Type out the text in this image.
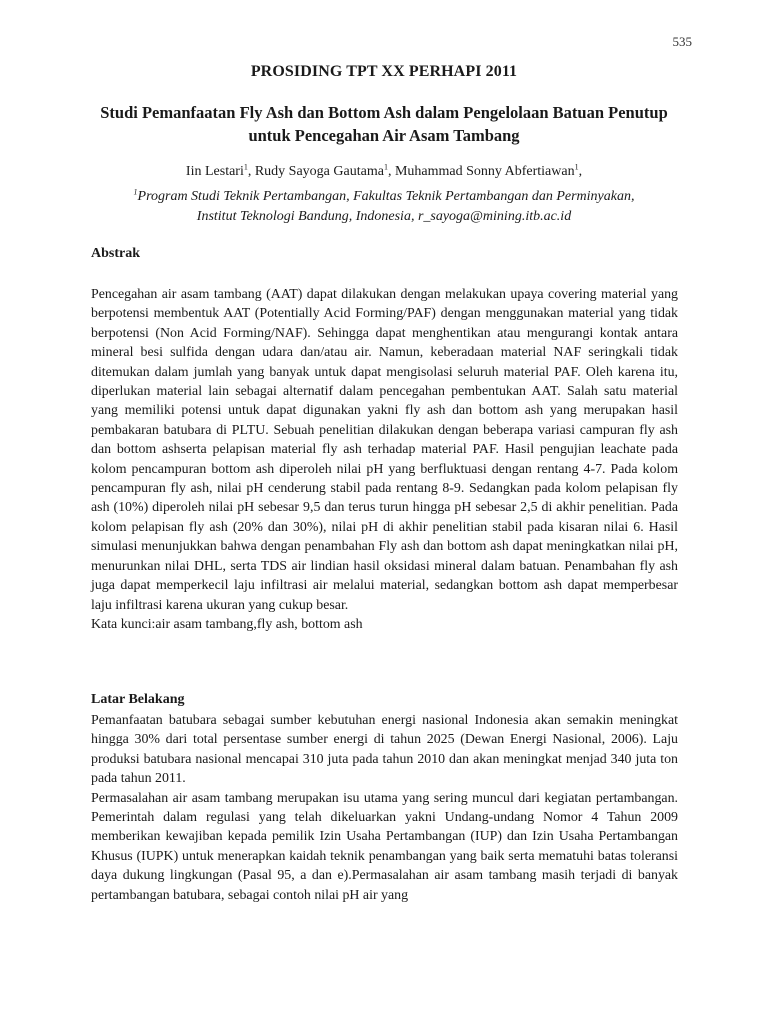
535
PROSIDING TPT XX PERHAPI 2011
Studi Pemanfaatan Fly Ash dan Bottom Ash dalam Pengelolaan Batuan Penutup untuk Pencegahan Air Asam Tambang
Iin Lestari$^1$, Rudy Sayoga Gautama$^1$, Muhammad Sonny Abfertiawan$^1$,
$^1$Program Studi Teknik Pertambangan, Fakultas Teknik Pertambangan dan Perminyakan,
Institut Teknologi Bandung, Indonesia, r_sayoga@mining.itb.ac.id
Abstrak

Pencegahan air asam tambang (AAT) dapat dilakukan dengan melakukan upaya covering material yang berpotensi membentuk AAT (Potentially Acid Forming/PAF) dengan menggunakan material yang tidak berpotensi (Non Acid Forming/NAF). Sehingga dapat menghentikan atau mengurangi kontak antara mineral besi sulfida dengan udara dan/atau air. Namun, keberadaan material NAF seringkali tidak ditemukan dalam jumlah yang banyak untuk dapat mengisolasi seluruh material PAF. Oleh karena itu, diperlukan material lain sebagai alternatif dalam pencegahan pembentukan AAT. Salah satu material yang memiliki potensi untuk dapat digunakan yakni fly ash dan bottom ash yang merupakan hasil pembakaran batubara di PLTU. Sebuah penelitian dilakukan dengan beberapa variasi campuran fly ash dan bottom ashserta pelapisan material fly ash terhadap material PAF. Hasil pengujian leachate pada kolom pencampuran bottom ash diperoleh nilai pH yang berfluktuasi dengan rentang 4-7. Pada kolom pencampuran fly ash, nilai pH cenderung stabil pada rentang 8-9. Sedangkan pada kolom pelapisan fly ash (10%) diperoleh nilai pH sebesar 9,5 dan terus turun hingga pH sebesar 2,5 di akhir penelitian. Pada kolom pelapisan fly ash (20% dan 30%), nilai pH di akhir penelitian stabil pada kisaran nilai 6. Hasil simulasi menunjukkan bahwa dengan penambahan Fly ash dan bottom ash dapat meningkatkan nilai pH, menurunkan nilai DHL, serta TDS air lindian hasil oksidasi mineral dalam batuan. Penambahan fly ash juga dapat memperkecil laju infiltrasi air melalui material, sedangkan bottom ash dapat memperbesar laju infiltrasi karena ukuran yang cukup besar.

Kata kunci:air asam tambang,fly ash, bottom ash

Latar Belakang

Pemanfaatan batubara sebagai sumber kebutuhan energi nasional Indonesia akan semakin meningkat hingga 30% dari total persentase sumber energi di tahun 2025 (Dewan Energi Nasional, 2006). Laju produksi batubara nasional mencapai 310 juta pada tahun 2010 dan akan meningkat menjad 340 juta ton pada tahun 2011.

Permasalahan air asam tambang merupakan isu utama yang sering muncul dari kegiatan pertambangan. Pemerintah dalam regulasi yang telah dikeluarkan yakni Undang-undang Nomor 4 Tahun 2009 memberikan kewajiban kepada pemilik Izin Usaha Pertambangan (IUP) dan Izin Usaha Pertambangan Khusus (IUPK) untuk menerapkan kaidah teknik penambangan yang baik serta mematuhi batas toleransi daya dukung lingkungan (Pasal 95, a dan e).Permasalahan air asam tambang masih terjadi di banyak pertambangan batubara, sebagai contoh nilai pH air yang
